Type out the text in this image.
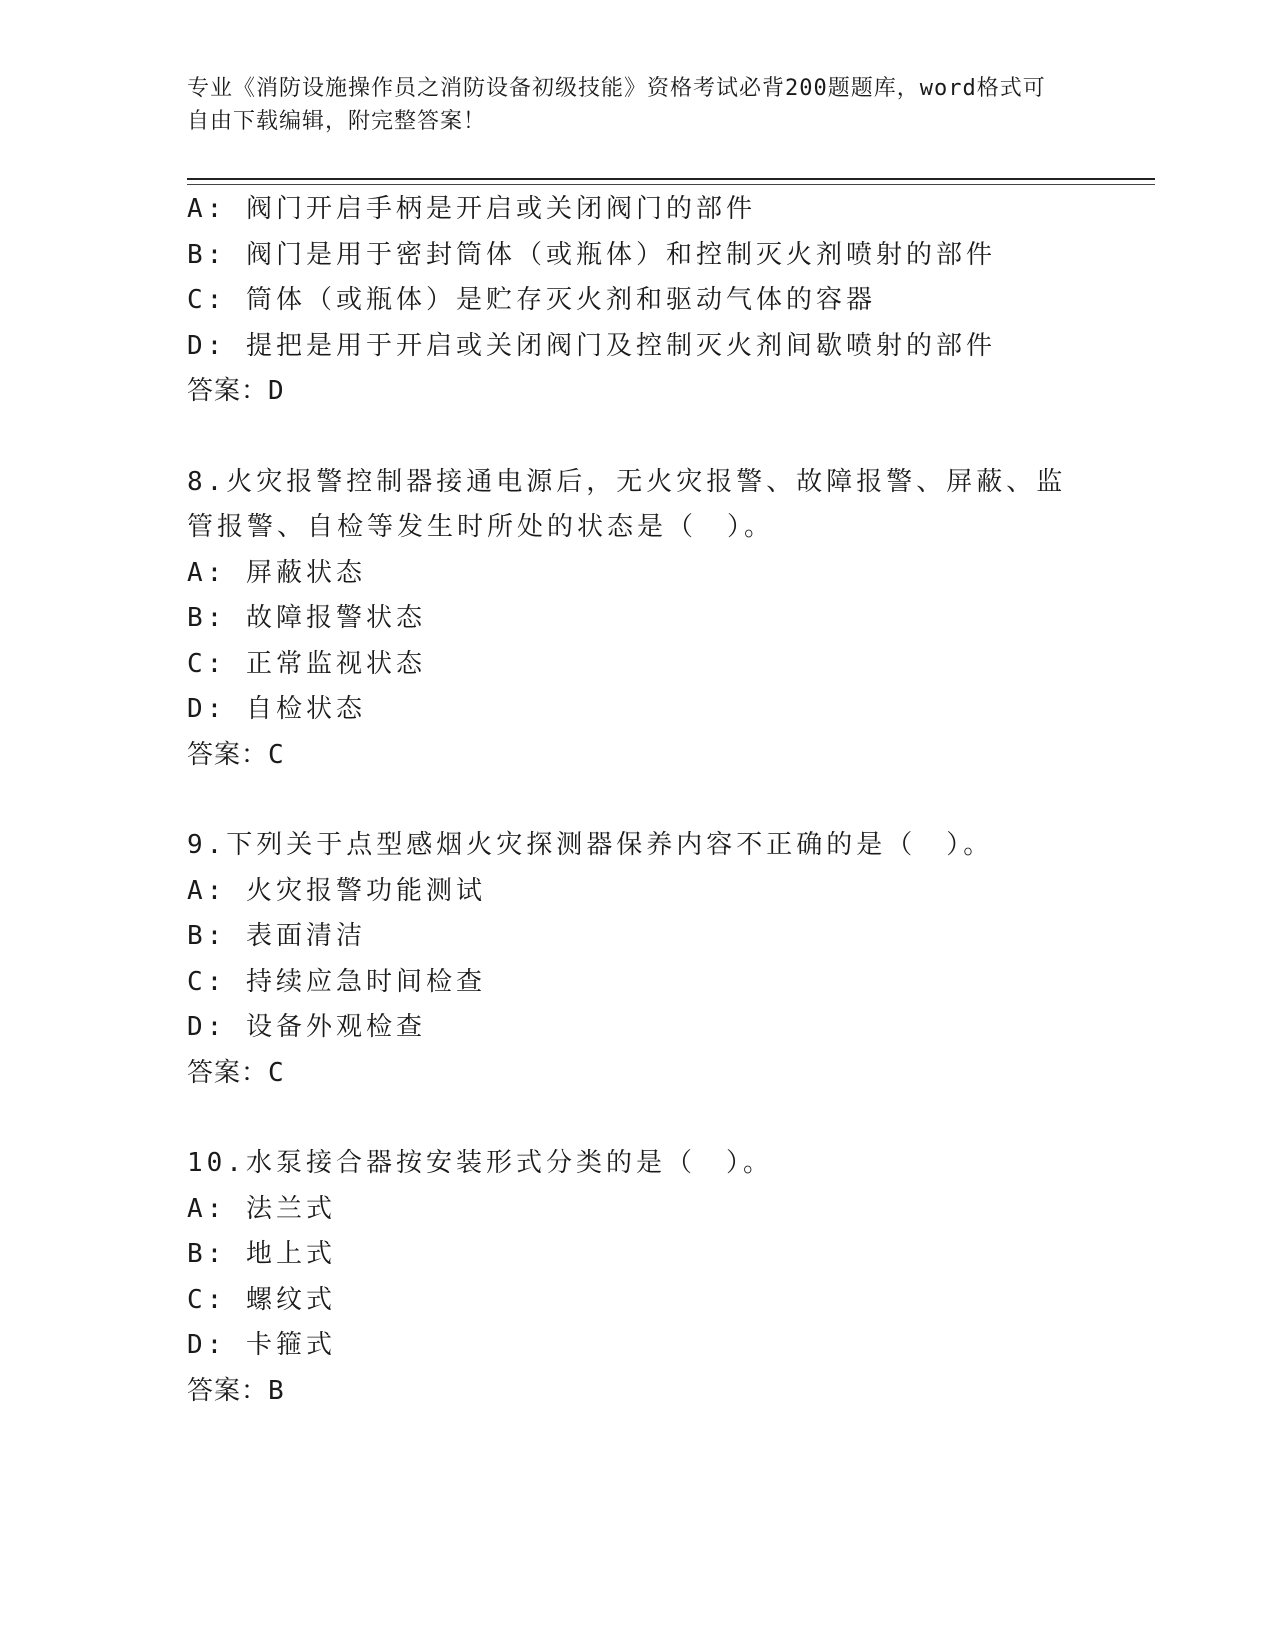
专业《消防设施操作员之消防设备初级技能》资格考试必背200题题库，word格式可自由下载编辑，附完整答案！
A: 阀门开启手柄是开启或关闭阀门的部件
B: 阀门是用于密封筒体（或瓶体）和控制灭火剂喷射的部件
C: 筒体（或瓶体）是贮存灭火剂和驱动气体的容器
D: 提把是用于开启或关闭阀门及控制灭火剂间歇喷射的部件
答案：D
8.火灾报警控制器接通电源后，无火灾报警、故障报警、屏蔽、监管报警、自检等发生时所处的状态是（　）。
A: 屏蔽状态
B: 故障报警状态
C: 正常监视状态
D: 自检状态
答案：C
9.下列关于点型感烟火灾探测器保养内容不正确的是（　）。
A: 火灾报警功能测试
B: 表面清洁
C: 持续应急时间检查
D: 设备外观检查
答案：C
10.水泵接合器按安装形式分类的是（　）。
A: 法兰式
B: 地上式
C: 螺纹式
D: 卡箍式
答案：B
